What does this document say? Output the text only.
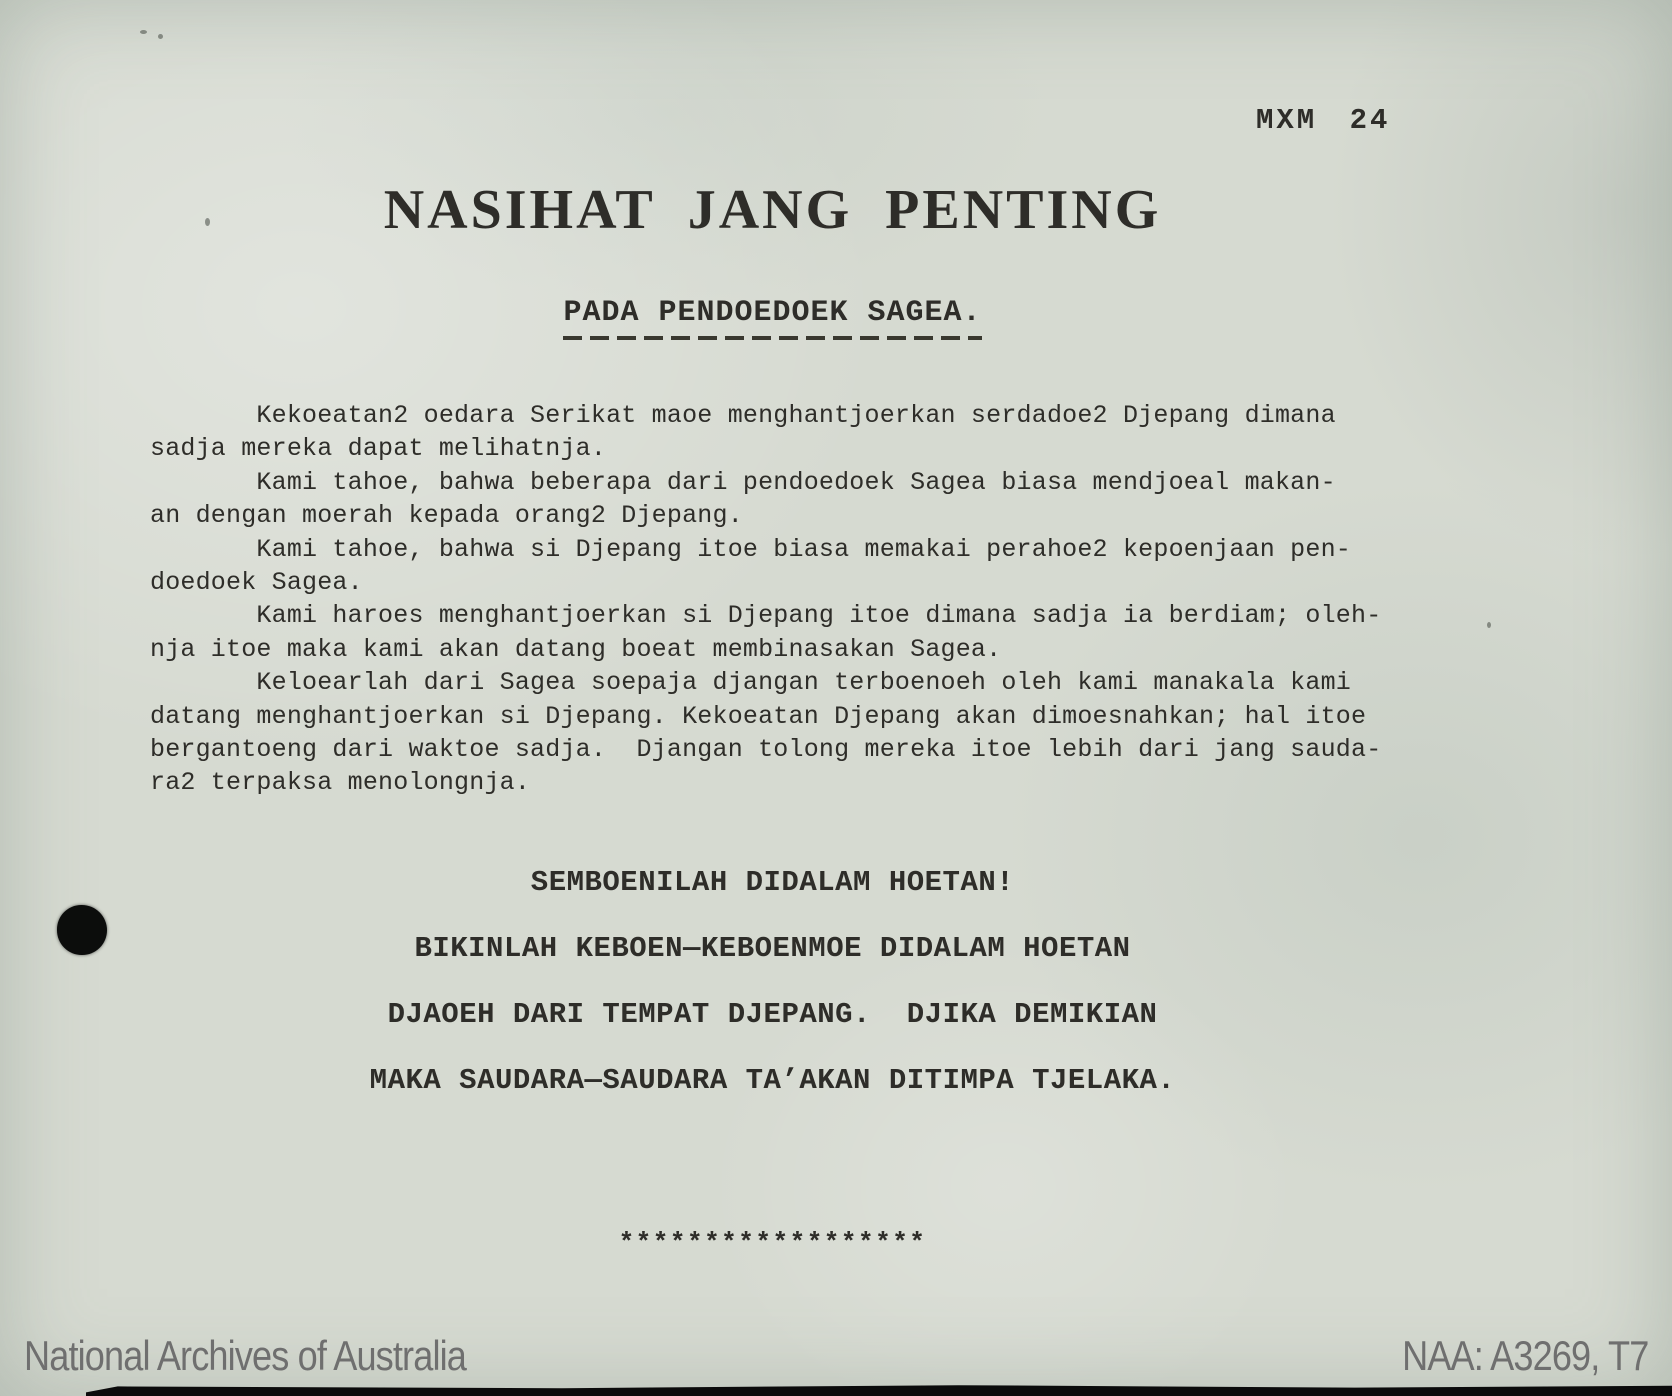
MXM 24
NASIHAT JANG PENTING
PADA PENDOEDOEK SAGEA.
Kekoeatan2 oedara Serikat maoe menghantjoerkan serdadoe2 Djepang dimana
sadja mereka dapat melihatnja.
Kami tahoe, bahwa beberapa dari pendoedoek Sagea biasa mendjoeal makan-
an dengan moerah kepada orang2 Djepang.
Kami tahoe, bahwa si Djepang itoe biasa memakai perahoe2 kepoenjaan pen-
doedoek Sagea.
Kami haroes menghantjoerkan si Djepang itoe dimana sadja ia berdiam; oleh-
nja itoe maka kami akan datang boeat membinasakan Sagea.
Keloearlah dari Sagea soepaja djangan terboenoeh oleh kami manakala kami
datang menghantjoerkan si Djepang. Kekoeatan Djepang akan dimoesnahkan; hal itoe
bergantoeng dari waktoe sadja.  Djangan tolong mereka itoe lebih dari jang sauda-
ra2 terpaksa menolongnja.
SEMBOENILAH DIDALAM HOETAN!
BIKINLAH KEBOEN—KEBOENMOE DIDALAM HOETAN
DJAOEH DARI TEMPAT DJEPANG.  DJIKA DEMIKIAN
MAKA SAUDARA—SAUDARA TA’AKAN DITIMPA TJELAKA.
******************
National Archives of Australia	NAA: A3269, T7
